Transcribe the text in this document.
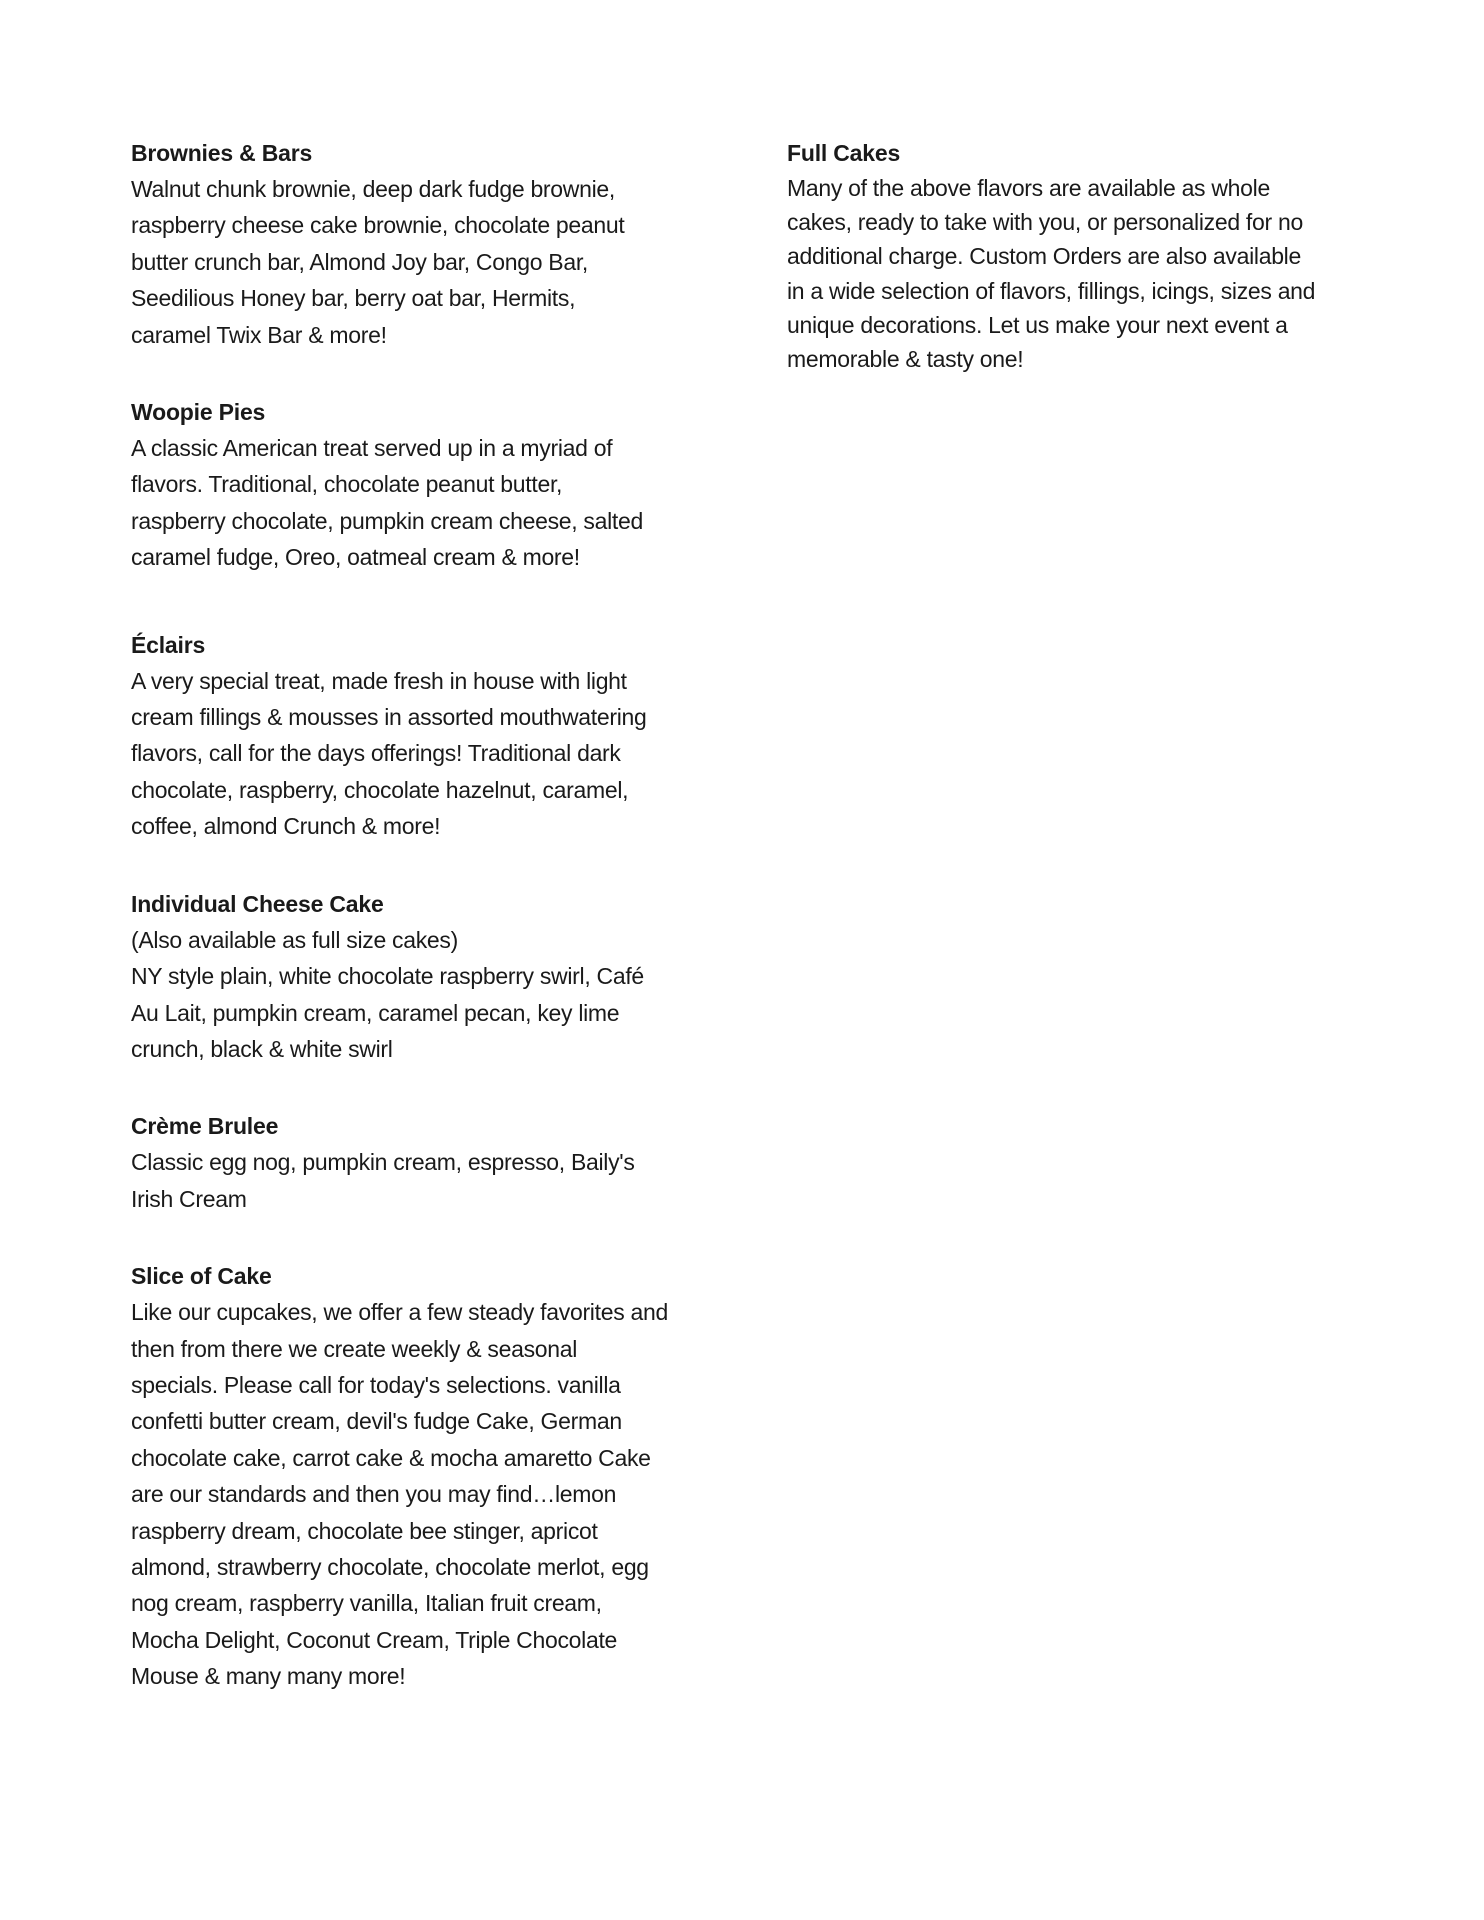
Brownies & Bars
Walnut chunk brownie, deep dark fudge brownie,
raspberry cheese cake brownie, chocolate peanut
butter crunch bar, Almond Joy bar, Congo Bar,
Seedilious Honey bar, berry oat bar, Hermits,
caramel Twix Bar & more!
Woopie Pies
A classic American treat served up in a myriad of
flavors. Traditional, chocolate peanut butter,
raspberry chocolate, pumpkin cream cheese, salted
caramel fudge, Oreo, oatmeal cream & more!
Éclairs
A very special treat, made fresh in house with light
cream fillings & mousses in assorted mouthwatering
flavors, call for the days offerings! Traditional dark
chocolate, raspberry, chocolate hazelnut, caramel,
coffee, almond Crunch & more!
Individual Cheese Cake
(Also available as full size cakes)
NY style plain, white chocolate raspberry swirl, Café
Au Lait, pumpkin cream, caramel pecan, key lime
crunch, black & white swirl
Crème Brulee
Classic egg nog, pumpkin cream, espresso, Baily's
Irish Cream
Slice of Cake
Like our cupcakes, we offer a few steady favorites and
then from there we create weekly & seasonal
specials. Please call for today's selections. vanilla
confetti butter cream, devil's fudge Cake, German
chocolate cake, carrot cake & mocha amaretto Cake
are our standards and then you may find…lemon
raspberry dream, chocolate bee stinger, apricot
almond, strawberry chocolate, chocolate merlot, egg
nog cream, raspberry vanilla, Italian fruit cream,
Mocha Delight, Coconut Cream, Triple Chocolate
Mouse & many many more!
Full Cakes
Many of the above flavors are available as whole
cakes, ready to take with you, or personalized for no
additional charge. Custom Orders are also available
in a wide selection of flavors, fillings, icings, sizes and
unique decorations. Let us make your next event a
memorable & tasty one!
